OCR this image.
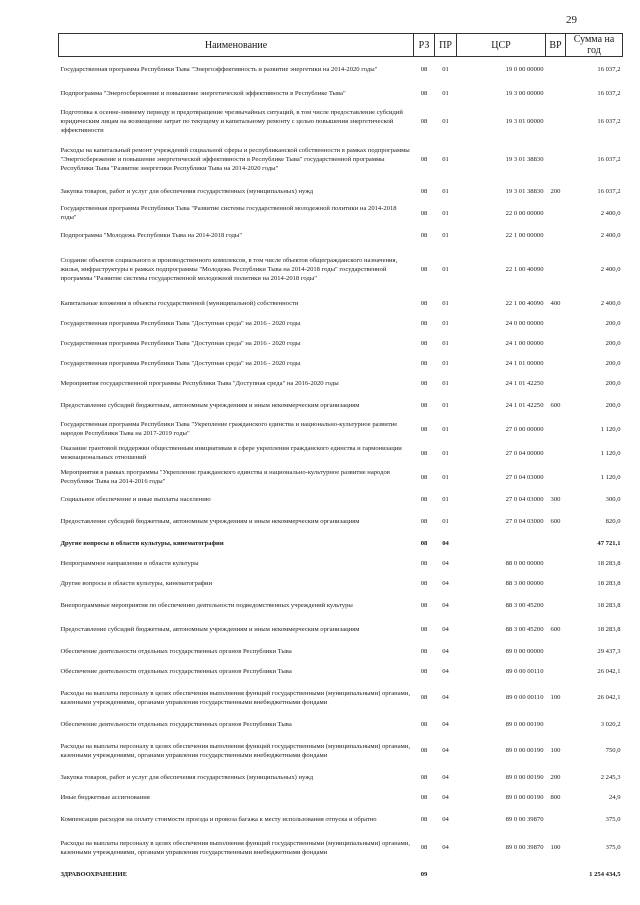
29
Наименование	РЗ	ПР	ЦСР	ВР	Сумма на год
Государственная программа Республики Тыва "Энергоэффективность и развитие энергетики на 2014-2020 годы"	08	01	19 0 00 00000		16 037,2
Подпрограмма "Энергосбережение и повышение энергетической эффективности в Республике Тыва"	08	01	19 3 00 00000		16 037,2
Подготовка к осенне-зимнему периоду и предотвращение чрезвычайных ситуаций, в том числе предоставление субсидий юридическим лицам на возмещение затрат по текущему и капитальному ремонту с целью повышения энергетической эффективности	08	01	19 3 01 00000		16 037,2
Расходы на капитальный ремонт учреждений социальной сферы и республиканской собственности в рамках подпрограммы "Энергосбережение и повышение энергетической эффективности в Республике Тыва" государственной программы Республики Тыва "Развитие энергетики Республики Тыва на 2014-2020 годы"	08	01	19 3 01 38830		16 037,2
Закупка товаров, работ и услуг для обеспечения государственных (муниципальных) нужд	08	01	19 3 01 38830	200	16 037,2
Государственная программа Республики Тыва "Развитие системы государственной молодежной политики на 2014-2018 годы"	08	01	22 0 00 00000		2 400,0
Подпрограмма "Молодежь Республики Тыва на 2014-2018 годы"	08	01	22 1 00 00000		2 400,0
Создание объектов социального и производственного комплексов, в том числе объектов общегражданского назначения, жилья, инфраструктуры в рамках подпрограммы "Молодежь Республики Тыва на 2014-2018 годы" государственной программы "Развитие системы государственной молодежной политики на 2014-2018 годы"	08	01	22 1 00 40090		2 400,0
Капитальные вложения в объекты государственной (муниципальной) собственности	08	01	22 1 00 40090	400	2 400,0
Государственная программа Республики Тыва "Доступная среда" на 2016 - 2020 годы	08	01	24 0 00 00000		200,0
Государственная программа Республики Тыва "Доступная среда" на 2016 - 2020 годы	08	01	24 1 00 00000		200,0
Государственная программа Республики Тыва "Доступная среда" на 2016 - 2020 годы	08	01	24 1 01 00000		200,0
Мероприятия государственной программы Республики Тыва "Доступная среда" на 2016-2020 годы	08	01	24 1 01 42250		200,0
Предоставление субсидий бюджетным, автономным учреждениям и иным некоммерческим организациям	08	01	24 1 01 42250	600	200,0
Государственная программа Республики Тыва "Укрепление гражданского единства и национально-культурное развитие народов Республики Тыва на 2017-2019 годы"	08	01	27 0 00 00000		1 120,0
Оказание грантовой поддержки общественным инициативам в сфере укрепления гражданского единства и гармонизации межнациональных отношений	08	01	27 0 04 00000		1 120,0
Мероприятия в рамках программы "Укрепление гражданского единства и национально-культурное развитие народов Республики Тыва на 2014-2016 годы"	08	01	27 0 04 03000		1 120,0
Социальное обеспечение и иные выплаты населению	08	01	27 0 04 03000	300	300,0
Предоставление субсидий бюджетным, автономным учреждениям и иным некоммерческим организациям	08	01	27 0 04 03000	600	820,0
Другие вопросы в области культуры, кинематографии	08	04			47 721,1
Непрограммное направление в области культуры	08	04	88 0 00 00000		18 283,8
Другие вопросы в области культуры, кинематографии	08	04	88 3 00 00000		18 283,8
Внепрограммные мероприятия по обеспечению деятельности подведомственных учреждений культуры	08	04	88 3 00 45200		18 283,8
Предоставление субсидий бюджетным, автономным учреждениям и иным некоммерческим организациям	08	04	88 3 00 45200	600	18 283,8
Обеспечение деятельности отдельных государственных органов Республики Тыва	08	04	89 0 00 00000		29 437,3
Обеспечение деятельности отдельных государственных органов Республики Тыва	08	04	89 0 00 00110		26 042,1
Расходы на выплаты персоналу в целях обеспечения выполнения функций государственными (муниципальными) органами, казенными учреждениями, органами управления государственными внебюджетными фондами	08	04	89 0 00 00110	100	26 042,1
Обеспечение деятельности отдельных государственных органов Республики Тыва	08	04	89 0 00 00190		3 020,2
Расходы на выплаты персоналу в целях обеспечения выполнения функций государственными (муниципальными) органами, казенными учреждениями, органами управления государственными внебюджетными фондами	08	04	89 0 00 00190	100	750,0
Закупка товаров, работ и услуг для обеспечения государственных (муниципальных) нужд	08	04	89 0 00 00190	200	2 245,3
Иные бюджетные ассигнования	08	04	89 0 00 00190	800	24,9
Компенсация расходов на оплату стоимости проезда и провоза багажа к месту использования отпуска и обратно	08	04	89 0 00 39870		375,0
Расходы на выплаты персоналу в целях обеспечения выполнения функций государственными (муниципальными) органами, казенными учреждениями, органами управления государственными внебюджетными фондами	08	04	89 0 00 39870	100	375,0
ЗДРАВООХРАНЕНИЕ	09				1 254 434,5
